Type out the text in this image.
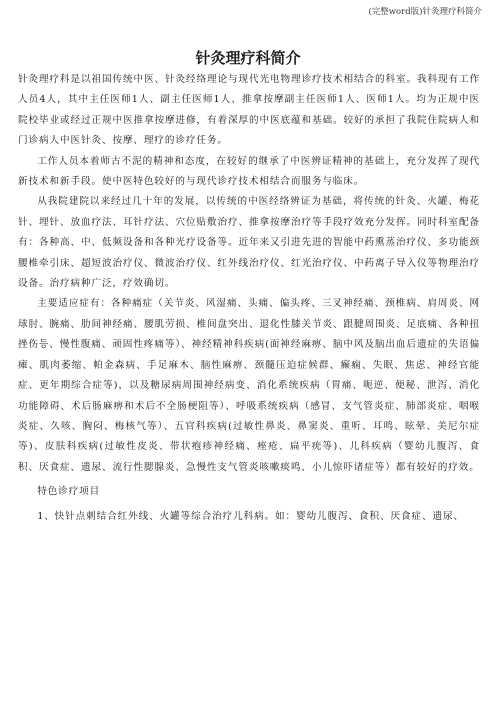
(完整word版)针灸理疗科简介
针灸理疗科简介

针灸理疗科是以祖国传统中医、针灸经络理论与现代光电物理诊疗技术相结合的科室。我科现有工作人员4人，其中主任医师1人、副主任医师1人、推拿按摩副主任医师1人、医师1人。均为正规中医院校毕业或经过正规中医推拿按摩进修，有着深厚的中医底蕴和基础。较好的承担了我院住院病人和门诊病人中医针灸、按摩、理疗的诊疗任务。

工作人员本着师古不泥的精神和态度，在较好的继承了中医辨证精神的基础上，充分发挥了现代新技术和新手段。使中医特色较好的与现代诊疗技术相结合而服务与临床。

从我院建院以来经过几十年的发展，以传统的中医经络辨证为基础，将传统的针灸、火罐、梅花针、埋针、放血疗法、耳针疗法、穴位贴敷治疗、推拿按摩治疗等手段疗效充分发挥。同时科室配备有：各种高、中、低频设备和各种光疗设备等。近年来又引进先进的智能中药熏蒸治疗仪、多功能颈腰椎牵引床、超短波治疗仪、微波治疗仪、红外线治疗仪、红光治疗仪、中药离子导入仪等物理治疗设备。治疗病种广泛，疗效确切。

主要适应症有：各种痛症（关节炎、风湿痛、头痛、偏头疼、三叉神经痛、颈椎病、肩周炎、网球肘、腕痛、肋间神经痛、腰肌劳损、椎间盘突出、退化性膝关节炎、跟腱周围炎、足底痛、各种扭挫伤등、慢性腹痛、顽固性疼痛等）、神经精神科疾病(面神经麻痹、脑中风及脑出血后遗症的失语偏瘫、肌肉萎缩、帕金森病、手足麻木、脑性麻痹、颈髓压迫症候群、癫痫、失眠、焦虑、神经官能症、更年期综合症等)，以及糖尿病周围神经病变、消化系统疾病（胃痛、呃逆、便秘、泄泻、消化功能障碍、术后肠麻痹和术后不全肠梗阻等）、呼吸系统疾病（感冒、支气管炎症、肺部炎症、咽喉炎症、久咳、胸闷、梅核气等）、五官科疾病(过敏性鼻炎、鼻窦炎、重听、耳鸣、眩晕、美尼尔症等)、皮肤科疾病(过敏性皮炎、带状疱疹神经痛、痤疮、扁平疣等)、儿科疾病（婴幼儿腹泻、食积、厌食症、遗尿、流行性腮腺炎、急慢性支气管炎咳嗽痰鸣、小儿惊吓诸症等）都有较好的疗效。

特色诊疗项目

1、快针点刺结合红外线、火罐等综合治疗儿科病。如：婴幼儿腹泻、食积、厌食症、遗尿、
